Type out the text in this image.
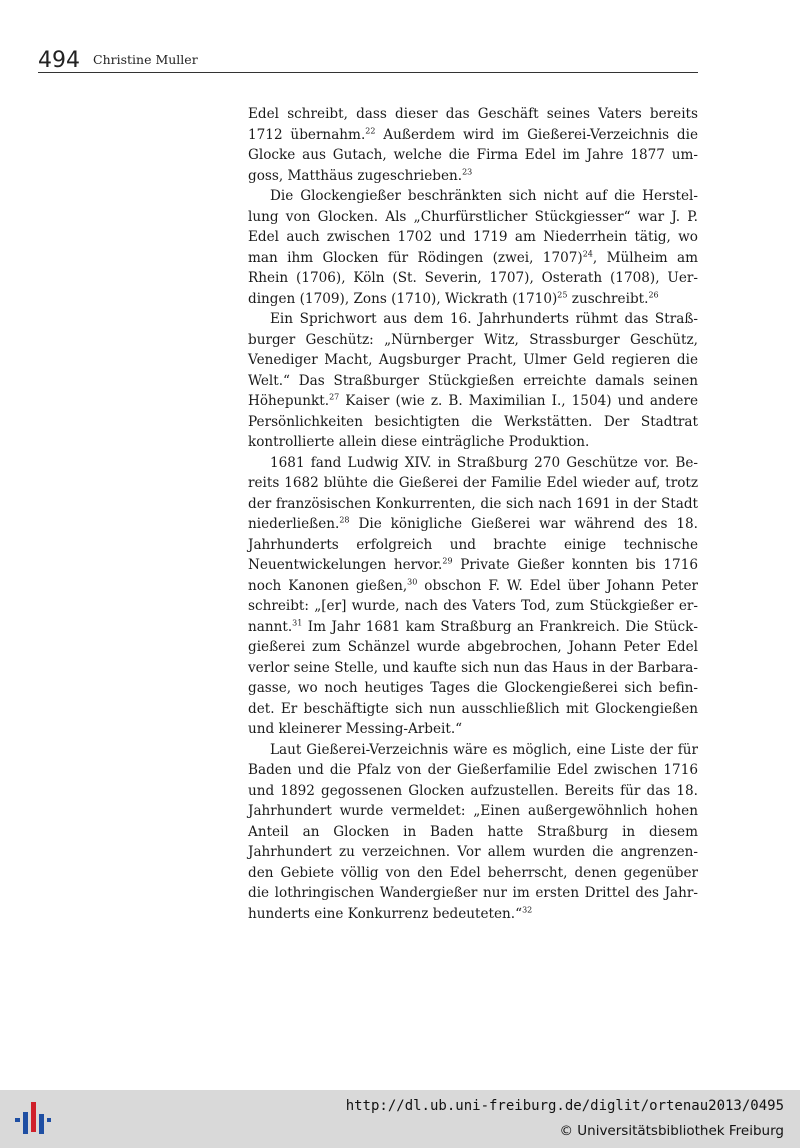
494 Christine Muller

Edel schreibt, dass dieser das Geschäft seines Vaters bereits 1712 übernahm.$^{22}$ Außerdem wird im Gießerei-Verzeichnis die Glocke aus Gutach, welche die Firma Edel im Jahre 1877 umgoss, Matthäus zugeschrieben.$^{23}$

Die Glockengießer beschränkten sich nicht auf die Herstellung von Glocken. Als „Churfürstlicher Stückgiesser“ war J. P. Edel auch zwischen 1702 und 1719 am Niederrhein tätig, wo man ihm Glocken für Rödingen (zwei, 1707)$^{24}$, Mülheim am Rhein (1706), Köln (St. Severin, 1707), Osterath (1708), Uerdingen (1709), Zons (1710), Wickrath $(1710)^{25}$ zuschreibt.$^{26}$

Ein Sprichwort aus dem 16. Jahrhunderts rühmt das Straßburger Geschütz: „Nürnberger Witz, Strassburger Geschütz, Venediger Macht, Augsburger Pracht, Ulmer Geld regieren die Welt.“ Das Straßburger Stückgießen erreichte damals seinen Höhepunkt.$^{27}$ Kaiser (wie z. B. Maximilian I., 1504) und andere Persönlichkeiten besichtigten die Werkstätten. Der Stadtrat kontrollierte allein diese einträgliche Produktion.

1681 fand Ludwig XIV. in Straßburg 270 Geschütze vor. Bereits 1682 blühte die Gießerei der Familie Edel wieder auf, trotz der französischen Konkurrenten, die sich nach 1691 in der Stadt niederließen.$^{28}$ Die königliche Gießerei war während des 18. Jahrhunderts erfolgreich und brachte einige technische Neuentwickelungen hervor.$^{29}$ Private Gießer konnten bis 1716 noch Kanonen gießen,$^{30}$ obschon F. W. Edel über Johann Peter schreibt: „[er] wurde, nach des Vaters Tod, zum Stückgießer ernannt.$^{31}$ Im Jahr 1681 kam Straßburg an Frankreich. Die Stückgießerei zum Schänzel wurde abgebrochen, Johann Peter Edel verlor seine Stelle, und kaufte sich nun das Haus in der Barbaragasse, wo noch heutiges Tages die Glockengießerei sich befindet. Er beschäftigte sich nun ausschließlich mit Glockengießen und kleinerer Messing-Arbeit.“

Laut Gießerei-Verzeichnis wäre es möglich, eine Liste der für Baden und die Pfalz von der Gießerfamilie Edel zwischen 1716 und 1892 gegossenen Glocken aufzustellen. Bereits für das 18. Jahrhundert wurde vermeldet: „Einen außergewöhnlich hohen Anteil an Glocken in Baden hatte Straßburg in diesem Jahrhundert zu verzeichnen. Vor allem wurden die angrenzenden Gebiete völlig von den Edel beherrscht, denen gegenüber die lothringischen Wandergießer nur im ersten Drittel des Jahrhunderts eine Konkurrenz bedeuteten.“$^{32}$

http://dl.ub.uni-freiburg.de/diglit/ortenau2013/0495
© Universitätsbibliothek Freiburg
